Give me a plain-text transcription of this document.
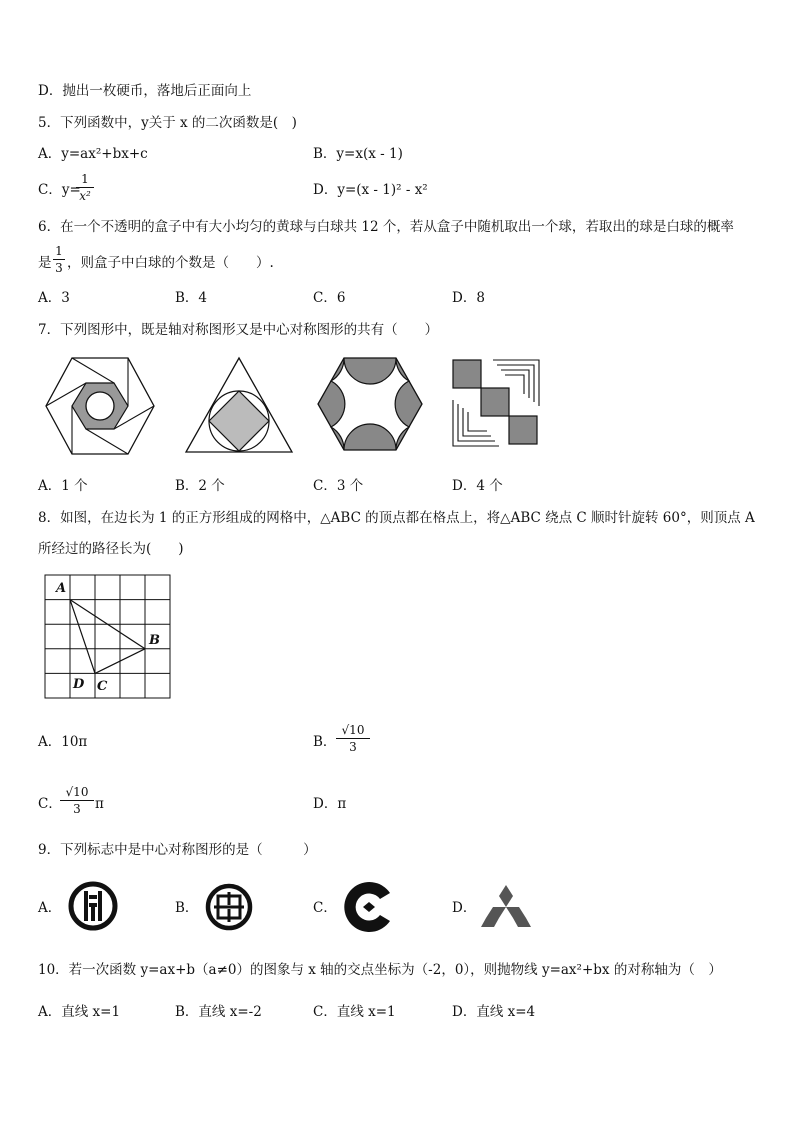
D．抛出一枚硬币，落地后正面向上
5．下列函数中，y关于 x 的二次函数是(　)
A．y=ax²+bx+c	B．y=x(x - 1)
C．y=
1
x²	D．y=(x - 1)² - x²
6．在一个不透明的盒子中有大小均匀的黄球与白球共 12 个，若从盒子中随机取出一个球，若取出的球是白球的概率
是
1
3 ，则盒子中白球的个数是（　　）.
A．3	B．4	C．6	D．8
7．下列图形中，既是轴对称图形又是中心对称图形的共有（　　）
A．1 个	B．2 个	C．3 个	D．4 个
8．如图，在边长为 1 的正方形组成的网格中，△ABC 的顶点都在格点上，将△ABC 绕点 C 顺时针旋转 60°，则顶点 A
所经过的路径长为(　　)
A
B
C
D
A．10π	B．
√10
3
C．
√10
3	π	D．π
9．下列标志中是中心对称图形的是（　　　）
A．	B．	C．	D．
10．若一次函数 y=ax+b（a≠0）的图象与 x 轴的交点坐标为（-2，0），则抛物线 y=ax²+bx 的对称轴为（　）
A．直线 x=1	B．直线 x=-2	C．直线 x=1	D．直线 x=4
